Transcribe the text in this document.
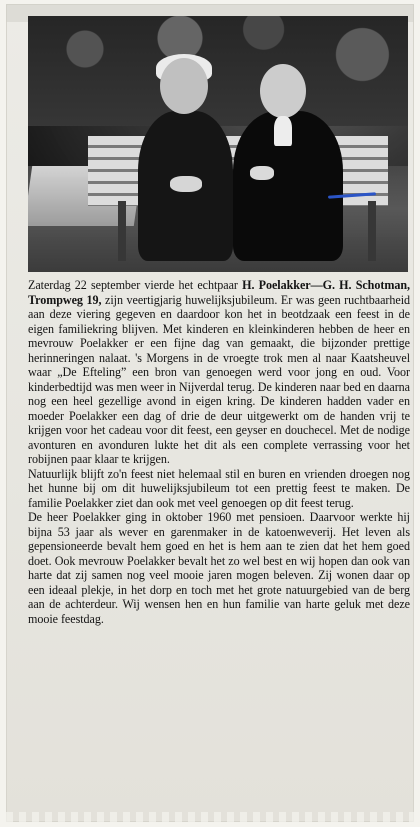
Zaterdag 22 september vierde het echtpaar H. Poelakker—G. H. Schotman, Trompweg 19, zijn veertigjarig huwelijksjubileum. Er was geen ruchtbaarheid aan deze viering gegeven en daardoor kon het in beotdzaak een feest in de eigen familiekring blijven. Met kinderen en kleinkinderen hebben de heer en mevrouw Poelakker er een fijne dag van gemaakt, die bijzonder prettige herinneringen nalaat. 's Morgens in de vroegte trok men al naar Kaatsheuvel waar „De Efteling” een bron van genoegen werd voor jong en oud. Voor kinderbedtijd was men weer in Nijverdal terug. De kinderen naar bed en daarna nog een heel gezellige avond in eigen kring. De kinderen hadden vader en moeder Poelakker een dag of drie de deur uitgewerkt om de handen vrij te krijgen voor het cadeau voor dit feest, een geyser en douchecel. Met de nodige avonturen en avonduren lukte het dit als een complete verrassing voor het robijnen paar klaar te krijgen.

Natuurlijk blijft zo'n feest niet helemaal stil en buren en vrienden droegen nog het hunne bij om dit huwelijksjubileum tot een prettig feest te maken. De familie Poelakker ziet dan ook met veel genoegen op dit feest terug.

De heer Poelakker ging in oktober 1960 met pensioen. Daarvoor werkte hij bijna 53 jaar als wever en garenmaker in de katoenweverij. Het leven als gepensioneerde bevalt hem goed en het is hem aan te zien dat het hem goed doet. Ook mevrouw Poelakker bevalt het zo wel best en wij hopen dan ook van harte dat zij samen nog veel mooie jaren mogen beleven. Zij wonen daar op een ideaal plekje, in het dorp en toch met het grote natuurgebied van de berg aan de achterdeur. Wij wensen hen en hun familie van harte geluk met deze mooie feestdag.
